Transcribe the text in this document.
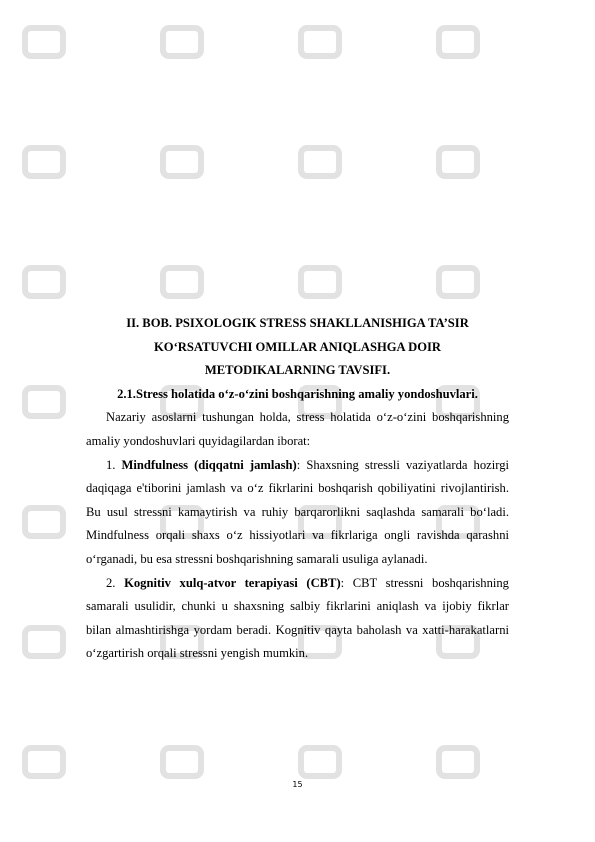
II. BOB. PSIXOLOGIK STRESS SHAKLLANISHIGA TA’SIR

KO‘RSATUVCHI OMILLAR ANIQLASHGA DOIR

METODIKALARNING TAVSIFI.

2.1.Stress holatida o‘z-o‘zini boshqarishning amaliy yondoshuvlari.

Nazariy asoslarni tushungan holda, stress holatida o‘z-o‘zini boshqarishning amaliy yondoshuvlari quyidagilardan iborat:

1. Mindfulness (diqqatni jamlash): Shaxsning stressli vaziyatlarda hozirgi daqiqaga e'tiborini jamlash va o‘z fikrlarini boshqarish qobiliyatini rivojlantirish. Bu usul stressni kamaytirish va ruhiy barqarorlikni saqlashda samarali bo‘ladi. Mindfulness orqali shaxs o‘z hissiyotlari va fikrlariga ongli ravishda qarashni o‘rganadi, bu esa stressni boshqarishning samarali usuliga aylanadi.

2. Kognitiv xulq-atvor terapiyasi (CBT): CBT stressni boshqarishning samarali usulidir, chunki u shaxsning salbiy fikrlarini aniqlash va ijobiy fikrlar bilan almashtirishga yordam beradi. Kognitiv qayta baholash va xatti-harakatlarni o‘zgartirish orqali stressni yengish mumkin.

15
